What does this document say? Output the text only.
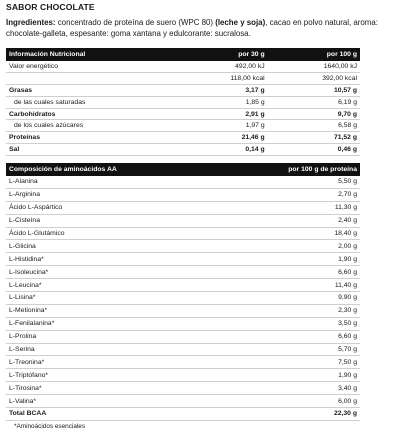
SABOR CHOCOLATE
Ingredientes: concentrado de proteína de suero (WPC 80) (leche y soja), cacao en polvo natural, aroma: chocolate-galleta, espesante: goma xantana y edulcorante: sucralosa.
Información Nutricional	por 30 g	por 100 g
Valor energético	492,00 kJ	1640,00 kJ
	118,00 kcal	392,00 kcal
Grasas	3,17 g	10,57 g
de las cuales saturadas	1,85 g	6,19 g
Carbohidratos	2,91 g	9,70 g
de los cuales azúcares	1,97 g	6,58 g
Proteínas	21,46 g	71,52 g
Sal	0,14 g	0,46 g
Composición de aminoácidos AA	por 100 g de proteína
L-Alanina	5,50 g
L-Arginina	2,70 g
Ácido L-Aspártico	11,30 g
L-Cisteína	2,40 g
Ácido L-Glutámico	18,40 g
L-Glicina	2,00 g
L-Histidina*	1,90 g
L-Isoleucina*	6,60 g
L-Leucina*	11,40 g
L-Lisina*	9,90 g
L-Metionina*	2,30 g
L-Fenilalanina*	3,50 g
L-Prolina	6,60 g
L-Serina	5,70 g
L-Treonina*	7,50 g
L-Triptófano*	1,90 g
L-Tirosina*	3,40 g
L-Valina*	6,00 g
Total BCAA	22,30 g
*Aminoácidos esenciales	
